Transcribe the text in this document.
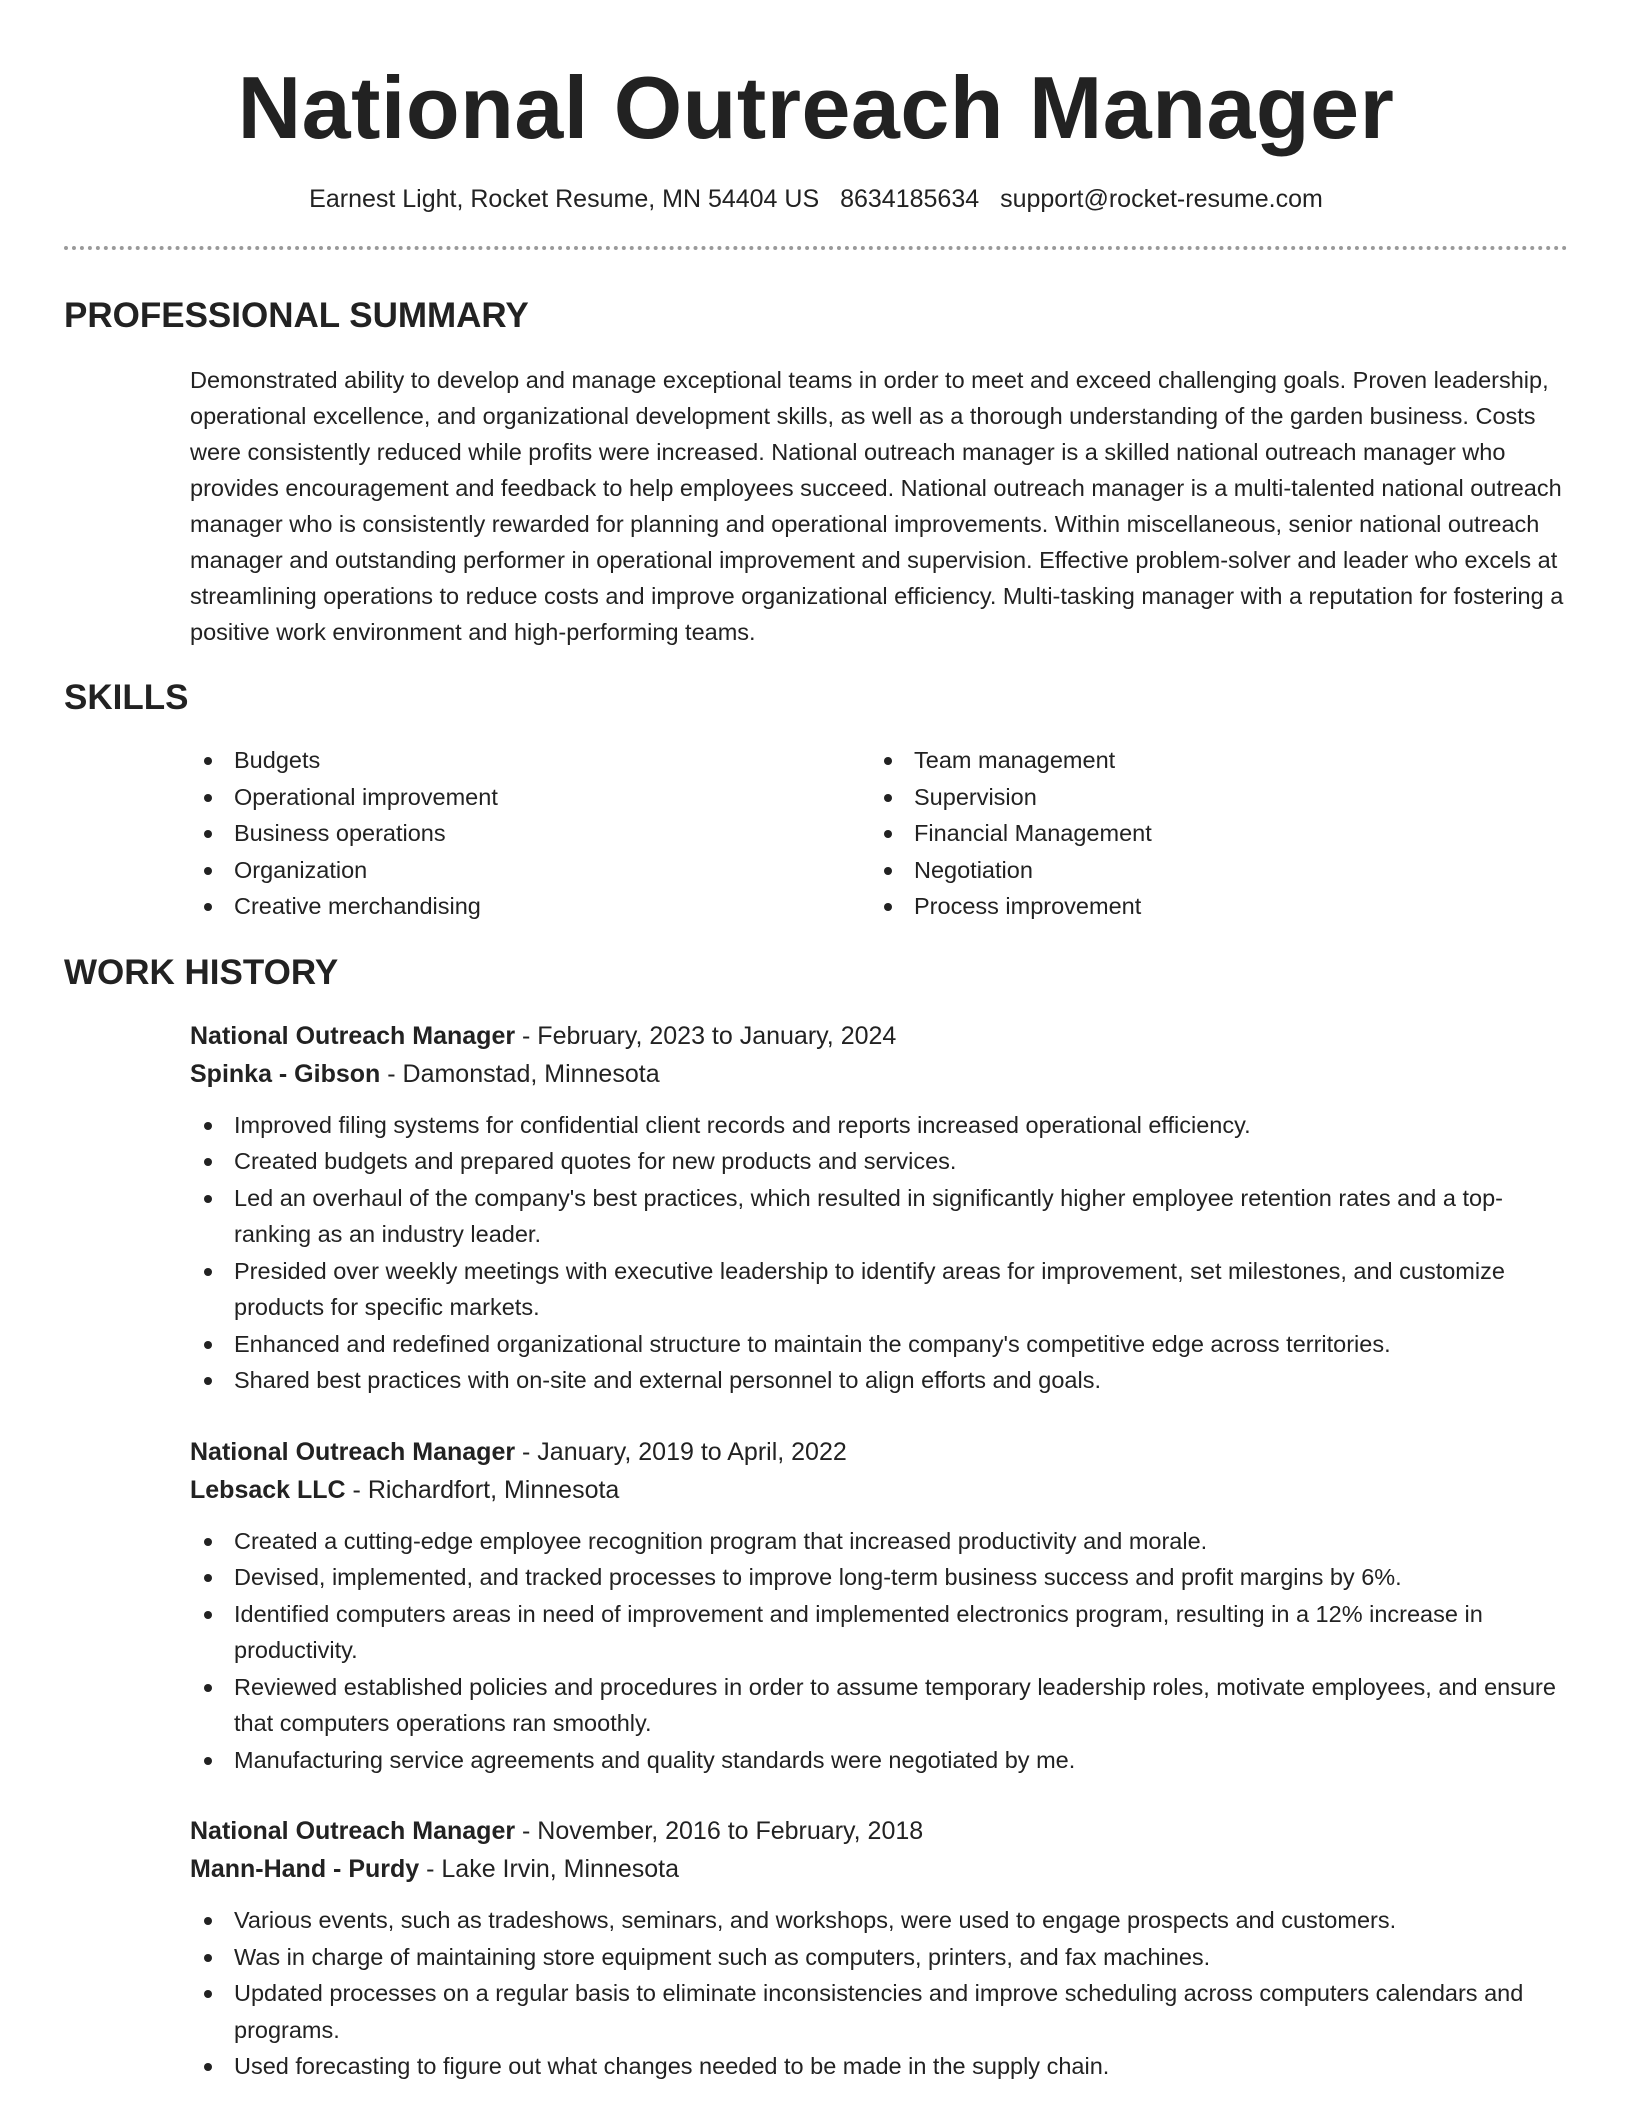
National Outreach Manager
Earnest Light, Rocket Resume, MN 54404 US 8634185634 support@rocket-resume.com
PROFESSIONAL SUMMARY
Demonstrated ability to develop and manage exceptional teams in order to meet and exceed challenging goals. Proven leadership, operational excellence, and organizational development skills, as well as a thorough understanding of the garden business. Costs were consistently reduced while profits were increased. National outreach manager is a skilled national outreach manager who provides encouragement and feedback to help employees succeed. National outreach manager is a multi-talented national outreach manager who is consistently rewarded for planning and operational improvements. Within miscellaneous, senior national outreach manager and outstanding performer in operational improvement and supervision. Effective problem-solver and leader who excels at streamlining operations to reduce costs and improve organizational efficiency. Multi-tasking manager with a reputation for fostering a positive work environment and high-performing teams.
SKILLS
Budgets
Operational improvement
Business operations
Organization
Creative merchandising
Team management
Supervision
Financial Management
Negotiation
Process improvement
WORK HISTORY
National Outreach Manager - February, 2023 to January, 2024
Spinka - Gibson - Damonstad, Minnesota
Improved filing systems for confidential client records and reports increased operational efficiency.
Created budgets and prepared quotes for new products and services.
Led an overhaul of the company's best practices, which resulted in significantly higher employee retention rates and a top-ranking as an industry leader.
Presided over weekly meetings with executive leadership to identify areas for improvement, set milestones, and customize products for specific markets.
Enhanced and redefined organizational structure to maintain the company's competitive edge across territories.
Shared best practices with on-site and external personnel to align efforts and goals.
National Outreach Manager - January, 2019 to April, 2022
Lebsack LLC - Richardfort, Minnesota
Created a cutting-edge employee recognition program that increased productivity and morale.
Devised, implemented, and tracked processes to improve long-term business success and profit margins by 6%.
Identified computers areas in need of improvement and implemented electronics program, resulting in a 12% increase in productivity.
Reviewed established policies and procedures in order to assume temporary leadership roles, motivate employees, and ensure that computers operations ran smoothly.
Manufacturing service agreements and quality standards were negotiated by me.
National Outreach Manager - November, 2016 to February, 2018
Mann-Hand - Purdy - Lake Irvin, Minnesota
Various events, such as tradeshows, seminars, and workshops, were used to engage prospects and customers.
Was in charge of maintaining store equipment such as computers, printers, and fax machines.
Updated processes on a regular basis to eliminate inconsistencies and improve scheduling across computers calendars and programs.
Used forecasting to figure out what changes needed to be made in the supply chain.
